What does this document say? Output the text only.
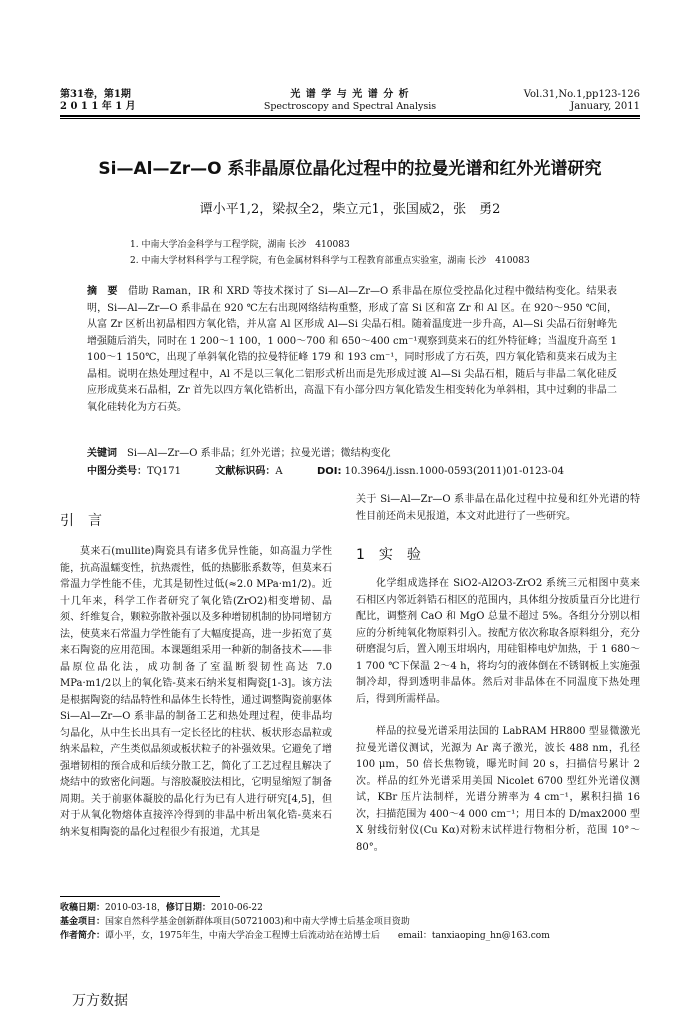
第31卷，第1期
2 0 1 1 年 1 月
光 谱 学 与 光 谱 分 析
Spectroscopy and Spectral Analysis
Vol.31,No.1,pp123-126
January, 2011
Si—Al—Zr—O 系非晶原位晶化过程中的拉曼光谱和红外光谱研究
谭小平1,2，梁叔全2，柴立元1，张国威2，张　勇2
1. 中南大学冶金科学与工程学院，湖南 长沙　410083
2. 中南大学材料科学与工程学院，有色金属材料科学与工程教育部重点实验室，湖南 长沙　410083

摘　要　 借助 Raman，IR 和 XRD 等技术探讨了 Si—Al—Zr—O 系非晶在原位受控晶化过程中微结构变化。结果表明，Si—Al—Zr—O 系非晶在 920 ℃左右出现网络结构重整，形成了富 Si 区和富 Zr 和 Al 区。在 920～950 ℃间，从富 Zr 区析出初晶相四方氧化锆，并从富 Al 区形成 Al—Si 尖晶石相。随着温度进一步升高，Al—Si 尖晶石衍射峰先增强随后消失，同时在 1 200～1 100，1 000～700 和 650～400 cm⁻¹观察到莫来石的红外特征峰；当温度升高至 1 100～1 150℃，出现了单斜氧化锆的拉曼特征峰 179 和 193 cm⁻¹，同时形成了方石英，四方氧化锆和莫来石成为主晶相。说明在热处理过程中，Al 不是以三氧化二铝形式析出而是先形成过渡 Al—Si 尖晶石相，随后与非晶二氧化硅反应形成莫来石晶相，Zr 首先以四方氧化锆析出，高温下有小部分四方氧化锆发生相变转化为单斜相，其中过剩的非晶二氧化硅转化为方石英。

关键词　 Si—Al—Zr—O 系非晶；红外光谱；拉曼光谱；微结构变化
中图分类号：TQ171	文献标识码：A	DOI: 10.3964/j.issn.1000-0593(2011)01-0123-04
引　言

莫来石(mullite)陶瓷具有诸多优异性能，如高温力学性能，抗高温蠕变性，抗热震性，低的热膨胀系数等，但莫来石常温力学性能不佳，尤其是韧性过低(≈2.0 MPa·m1/2)。近十几年来，科学工作者研究了氧化锆(ZrO2)相变增韧、晶须、纤维复合，颗粒弥散补强以及多种增韧机制的协同增韧方法，使莫来石常温力学性能有了大幅度提高，进一步拓宽了莫来石陶瓷的应用范围。本课题组采用一种新的制备技术——非晶原位晶化法，成功制备了室温断裂韧性高达 7.0 MPa·m1/2以上的氧化锆-莫来石纳米复相陶瓷[1-3]。该方法是根据陶瓷的结晶特性和晶体生长特性，通过调整陶瓷前驱体 Si—Al—Zr—O 系非晶的制备工艺和热处理过程，使非晶均匀晶化，从中生长出具有一定长径比的柱状、板状形态晶粒或纳米晶粒，产生类似晶须或板状粒子的补强效果。它避免了增强增韧相的预合成和后续分散工艺，简化了工艺过程且解决了烧结中的致密化问题。与溶胶凝胶法相比，它明显缩短了制备周期。关于前驱体凝胶的晶化行为已有人进行研究[4,5]，但对于从氧化物熔体直接淬冷得到的非晶中析出氧化锆-莫来石纳米复相陶瓷的晶化过程很少有报道，尤其是

关于 Si—Al—Zr—O 系非晶在晶化过程中拉曼和红外光谱的特性目前还尚未见报道，本文对此进行了一些研究。

1　实　验

化学组成选择在 SiO2-Al2O3-ZrO2 系统三元相图中莫来石相区内邻近斜锆石相区的范围内，具体组分按质量百分比进行配比，调整剂 CaO 和 MgO 总量不超过 5%。各组分分别以相应的分析纯氧化物原料引入。按配方依次称取各原料组分，充分研磨混匀后，置入刚玉坩埚内，用硅钼棒电炉加热，于 1 680～1 700 ℃下保温 2～4 h，将均匀的液体倒在不锈钢板上实施强制冷却，得到透明非晶体。然后对非晶体在不同温度下热处理后，得到所需样品。

样品的拉曼光谱采用法国的 LabRAM HR800 型显微激光拉曼光谱仪测试，光源为 Ar 离子激光，波长 488 nm，孔径 100 μm，50 倍长焦物镜，曝光时间 20 s，扫描信号累计 2 次。样品的红外光谱采用美国 Nicolet 6700 型红外光谱仪测试，KBr 压片法制样，光谱分辨率为 4 cm⁻¹，累积扫描 16 次，扫描范围为 400～4 000 cm⁻¹；用日本的 D/max2000 型 X 射线衍射仪(Cu Kα)对粉末试样进行物相分析，范围 10°～80°。

收稿日期：2010-03-18，修订日期：2010-06-22
基金项目：国家自然科学基金创新群体项目(50721003)和中南大学博士后基金项目资助
作者简介：谭小平，女，1975年生，中南大学冶金工程博士后流动站在站博士后　　email：tanxiaoping_hn@163.com
万方数据
